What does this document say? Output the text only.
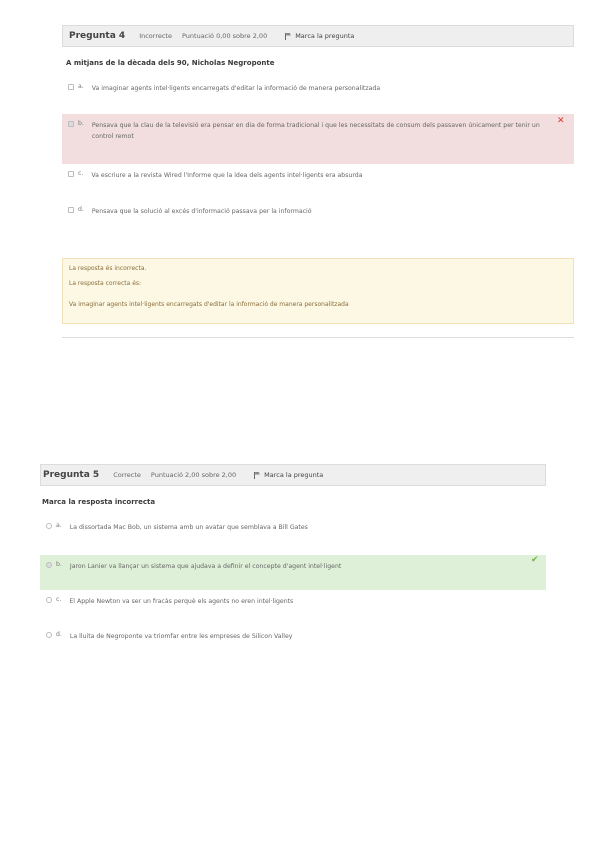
Pregunta 4 Incorrecte Puntuació 0,00 sobre 2,00	Marca la pregunta
A mitjans de la dècada dels 90, Nicholas Negroponte
a. Va imaginar agents intel·ligents encarregats d'editar la informació de manera personalitzada
b. Pensava que la clau de la televisió era pensar en dia de forma tradicional i que les necessitats de consum dels passaven únicament per tenir un control remot
✕
c. Va escriure a la revista Wired l'Informe que la idea dels agents intel·ligents era absurda
d. Pensava que la solució al excés d'informació passava per la informació
La resposta és incorrecta.
La resposta correcta és:
Va imaginar agents intel·ligents encarregats d'editar la informació de manera personalitzada
Pregunta 5 Correcte Puntuació 2,00 sobre 2,00	Marca la pregunta
Marca la resposta incorrecta
a. La dissortada Mac Bob, un sistema amb un avatar que semblava a Bill Gates
b. Jaron Lanier va llançar un sistema que ajudava a definir el concepte d'agent intel·ligent
✔
c. El Apple Newton va ser un fracàs perquè els agents no eren intel·ligents
d. La lluita de Negroponte va triomfar entre les empreses de Silicon Valley
